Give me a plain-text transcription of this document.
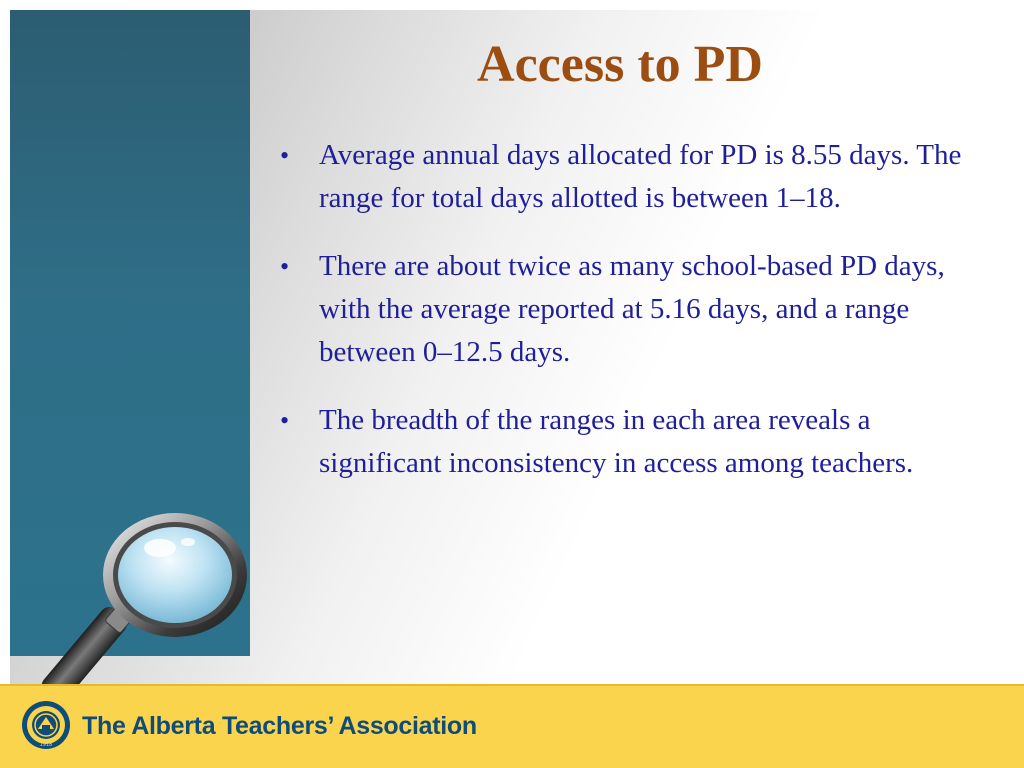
Access to PD
• Average annual days allocated for PD is 8.55 days. The range for total days allotted is between 1–18.
• There are about twice as many school-based PD days, with the average reported at 5.16 days, and a range between 0–12.5 days.
• The breadth of the ranges in each area reveals a significant inconsistency in access among teachers.
1918
The Alberta Teachers’ Association
